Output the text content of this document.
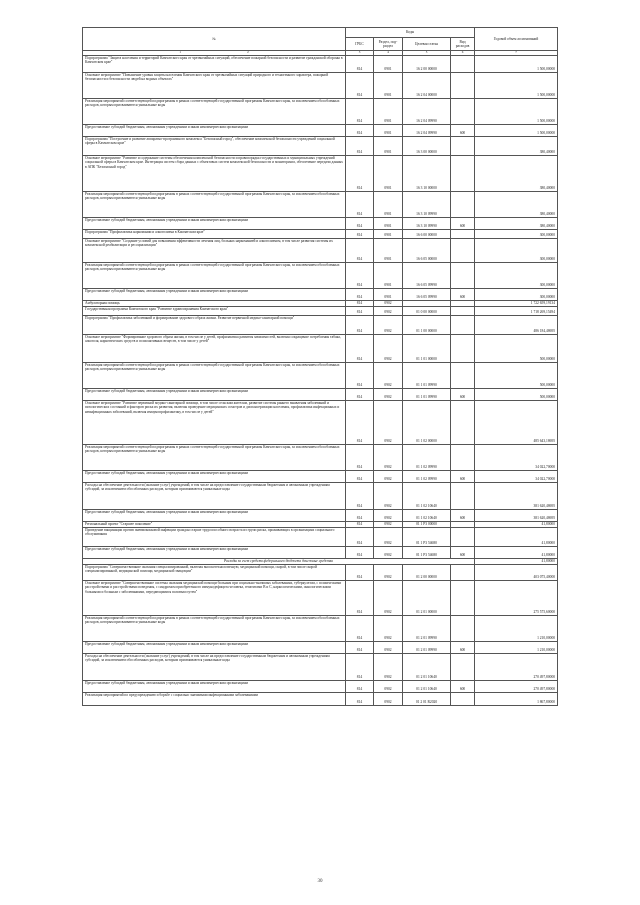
№	Коды				Годовой объем ассигнований
	ГРБС	Раздел, под-раздел	Целевая статья	Вид расходов	
1 2	3	4	5	6	7
Подпрограмма "Защита населения и территорий Камчатского края от чрезвычайных ситуаций, обеспечение пожарной безопасности и развитие гражданской обороны в Камчатском крае"	814	0901	16 2 00 00000		1 500,00000
Основное мероприятие "Повышение уровня защиты населения Камчатского края от чрезвычайных ситуаций природного и техногенного характера, пожарной безопасности и безопасности людей на водных объектах"	814	0901	16 2 04 00000		1 500,00000
Реализация мероприятий соответствующей подпрограммы в рамках соответствующей государственной программы Камчатского края, за исключением обособленных расходов, которым присваиваются уникальные коды	814	0901	16 2 04 09990		1 500,00000
Предоставление субсидий бюджетным, автономным учреждениям и иным некоммерческим организациям	814	0901	16 2 04 09990	600	1 500,00000
Подпрограмма "Построение и развитие аппаратно-программного комплекса "Безопасный город", обеспечение комплексной безопасности учреждений социальной сферы в Камчатском крае"	814	0901	16 3 00 00000		380,40000
Основное мероприятие "Развитие и содержание системы обеспечения комплексной безопасности и правопорядка государственных и муниципальных учреждений социальной сферы в Камчатском крае. Интеграция систем сбора данных с объектовых систем комплексной безопасности и мониторинга, обеспечение передачи данных в АПК "Безопасный город"	814	0901	16 3 10 00000		380,40000
Реализация мероприятий соответствующей подпрограммы в рамках соответствующей государственной программы Камчатского края, за исключением обособленных расходов, которым присваиваются уникальные коды	814	0901	16 3 10 09990		380,40000
Предоставление субсидий бюджетным, автономным учреждениям и иным некоммерческим организациям	814	0901	16 3 10 09990	600	380,40000
Подпрограмма "Профилактика наркомании и алкоголизма в Камчатском крае"	814	0901	16 6 00 00000		300,00000
Основное мероприятие "Создание условий для повышения эффективности лечения лиц, больных наркоманией и алкоголизмом, в том числе развития системы их комплексной реабилитации и ресоциализации"	814	0901	16 6 05 00000		300,00000
Реализация мероприятий соответствующей подпрограммы в рамках соответствующей государственной программы Камчатского края, за исключением обособленных расходов, которым присваиваются уникальные коды	814	0901	16 6 05 09990		300,00000
Предоставление субсидий бюджетным, автономным учреждениям и иным некоммерческим организациям	814	0901	16 6 05 09990	600	300,00000
Амбулаторная помощь	814	0902			1 722 659,19134
Государственная программа Камчатского края "Развитие здравоохранения Камчатского края"	814	0902	01 0 00 00000		1 718 269,15494
Подпрограмма "Профилактика заболеваний и формирование здорового образа жизни. Развитие первичной медико-санитарной помощи"	814	0902	01 1 00 00000		486 184,48695
Основное мероприятие "Формирование здорового образа жизни, в том числе у детей, профилактика развития зависимостей, включая сокращение потребления табака, алкоголя, наркотических средств и психоактивных веществ, в том числе у детей"	814	0902	01 1 01 00000		500,00000
Реализация мероприятий соответствующей подпрограммы в рамках соответствующей государственной программы Камчатского края, за исключением обособленных расходов, которым присваиваются уникальные коды	814	0902	01 1 01 09990		500,00000
Предоставление субсидий бюджетным, автономным учреждениям и иным некоммерческим организациям	814	0902	01 1 01 09990	600	500,00000
Основное мероприятие "Развитие первичной медико-санитарной помощи, в том числе сельским жителям, развитие системы раннего выявления заболеваний и патологических состояний и факторов риска их развития, включая проведение медицинских осмотров и диспансеризации населения, профилактика инфекционных и неинфекционных заболеваний, включая иммунопрофилактику, в том числе у детей"	814	0902	01 1 02 00000		485 643,18695
Реализация мероприятий соответствующей подпрограммы в рамках соответствующей государственной программы Камчатского края, за исключением обособленных расходов, которым присваиваются уникальные коды	814	0902	01 1 02 09990		34 022,70000
Предоставление субсидий бюджетным, автономным учреждениям и иным некоммерческим организациям	814	0902	01 1 02 09990	600	34 022,70000
Расходы на обеспечение деятельности (оказание услуг) учреждений, в том числе на предоставление государственным бюджетным и автономным учреждениям субсидий, за исключением обособленных расходов, которым присваиваются уникальные коды	814	0902	01 1 02 10640		381 620,48695
Предоставление субсидий бюджетным, автономным учреждениям и иным некоммерческим организациям	814	0902	01 1 02 10640	600	381 620,48695
Региональный проект "Старшее поколение"	814	0902	01 1 P3 00000		41,80000
Проведение вакцинации против пневмококковой инфекции граждан старше трудоспособного возраста из групп риска, проживающих в организациях социального обслуживания	814	0902	01 1 P3 54680		41,80000
Предоставление субсидий бюджетным, автономным учреждениям и иным некоммерческим организациям	814	0902	01 1 P3 54680	600	41,80000
Расходы за счет средств федерального бюджета денежные средства					41,80000
Подпрограмма "Совершенствование оказания специализированной, включая высокотехнологичную, медицинской помощи, скорой, в том числе скорой специализированной, медицинской помощи, медицинской эвакуации"	814	0902	01 2 00 00000		403 075,40000
Основное мероприятие "Совершенствование системы оказания медицинской помощи больным при социально-значимых заболеваниях, туберкулезом, с психическими расстройствами и расстройствами поведения, с синдромом приобретенного иммунодефицита человека, гепатитами B и C, наркологическими, онкологическими больными и больным с заболеваниями, передающимися половым путем"	814	0902	01 2 01 00000		275 575,60000
Реализация мероприятий соответствующей подпрограммы в рамках соответствующей государственной программы Камчатского края, за исключением обособленных расходов, которым присваиваются уникальные коды	814	0902	01 2 01 09990		1 210,00000
Предоставление субсидий бюджетным, автономным учреждениям и иным некоммерческим организациям	814	0902	01 2 01 09990	600	1 210,00000
Расходы на обеспечение деятельности (оказание услуг) учреждений, в том числе на предоставление государственным бюджетным и автономным учреждениям субсидий, за исключением обособленных расходов, которым присваиваются уникальные коды	814	0902	01 2 01 10640		270 497,80000
Предоставление субсидий бюджетным, автономным учреждениям и иным некоммерческим организациям	814	0902	01 2 01 10640	600	270 497,80000
Реализация мероприятий по предупреждению и борьбе с социально значимыми инфекционными заболеваниями	814	0902	01 2 01 R2020		1 867,80000
30
